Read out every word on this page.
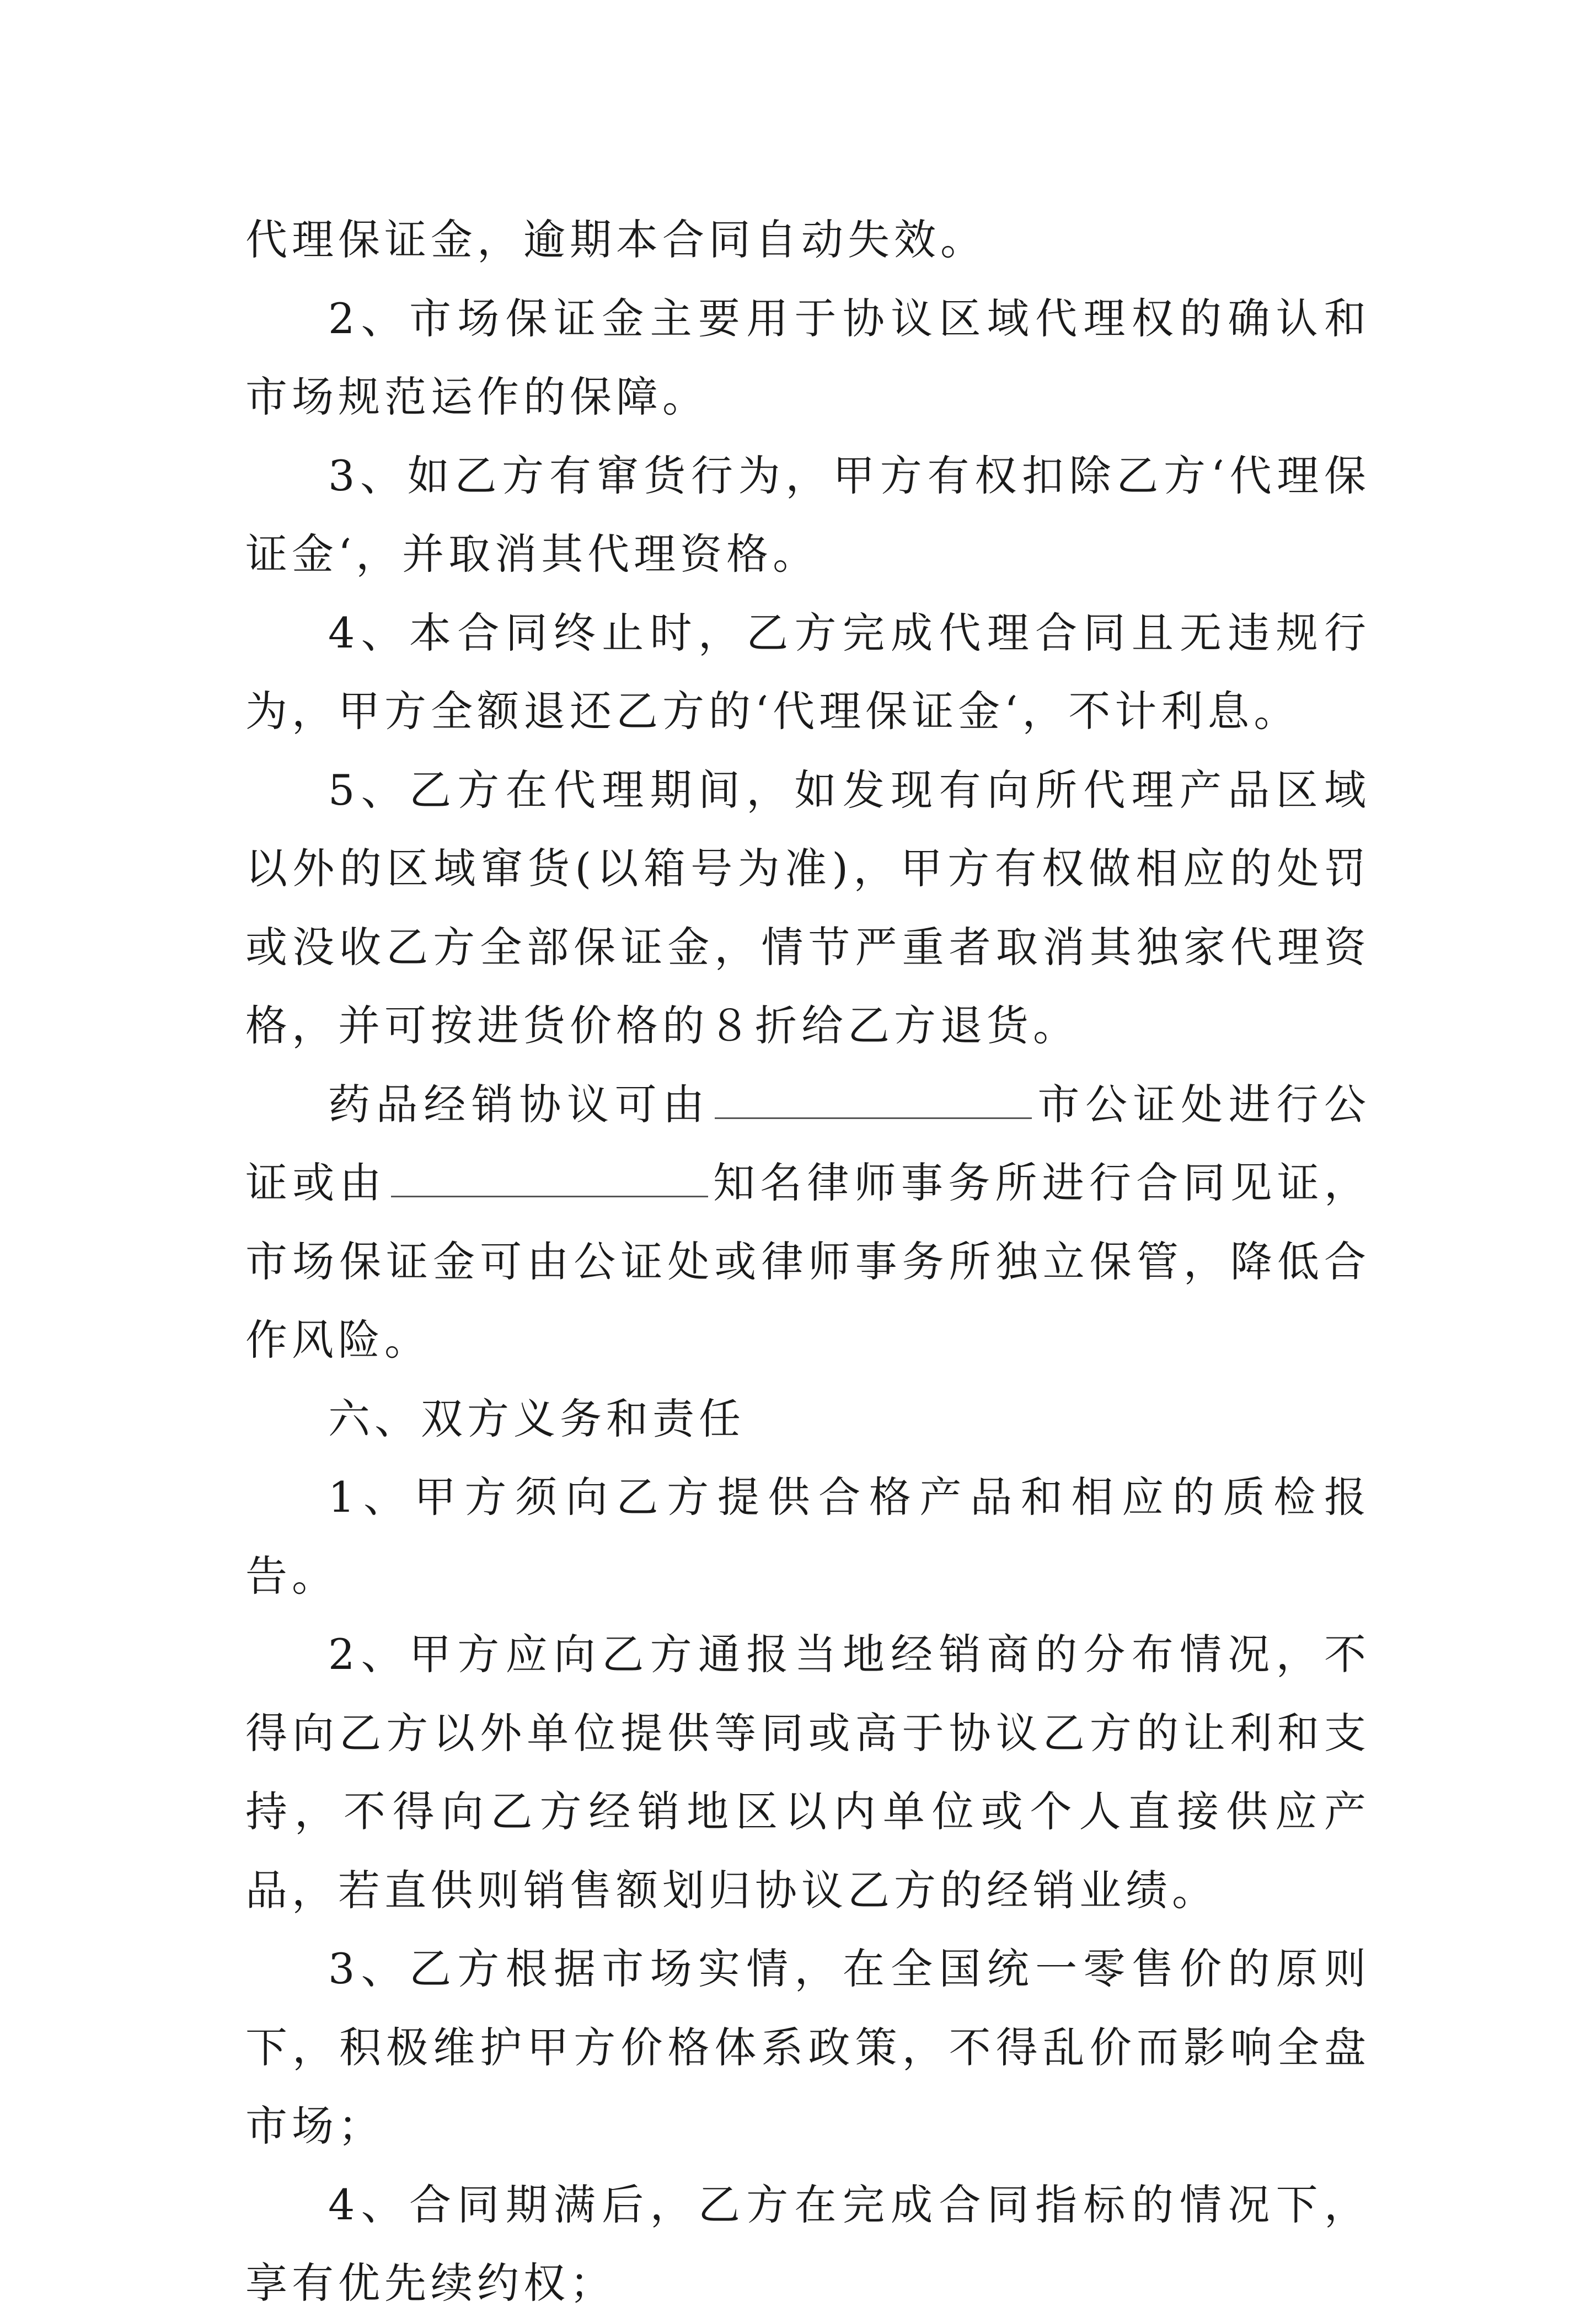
代理保证金，逾期本合同自动失效。

2、市场保证金主要用于协议区域代理权的确认和市场规范运作的保障。

3、如乙方有窜货行为，甲方有权扣除乙方‘代理保证金‘，并取消其代理资格。

4、本合同终止时，乙方完成代理合同且无违规行为，甲方全额退还乙方的‘代理保证金‘，不计利息。

5、乙方在代理期间，如发现有向所代理产品区域以外的区域窜货(以箱号为准)，甲方有权做相应的处罚或没收乙方全部保证金，情节严重者取消其独家代理资格，并可按进货价格的８折给乙方退货。

药品经销协议可由	市公证处进行公证或由	知名律师事务所进行合同见证，市场保证金可由公证处或律师事务所独立保管，降低合作风险。

六、双方义务和责任

1、甲方须向乙方提供合格产品和相应的质检报告。

2、甲方应向乙方通报当地经销商的分布情况，不得向乙方以外单位提供等同或高于协议乙方的让利和支持，不得向乙方经销地区以内单位或个人直接供应产品，若直供则销售额划归协议乙方的经销业绩。

3、乙方根据市场实情，在全国统一零售价的原则下，积极维护甲方价格体系政策，不得乱价而影响全盘市场；

4、合同期满后，乙方在完成合同指标的情况下，享有优先续约权；
